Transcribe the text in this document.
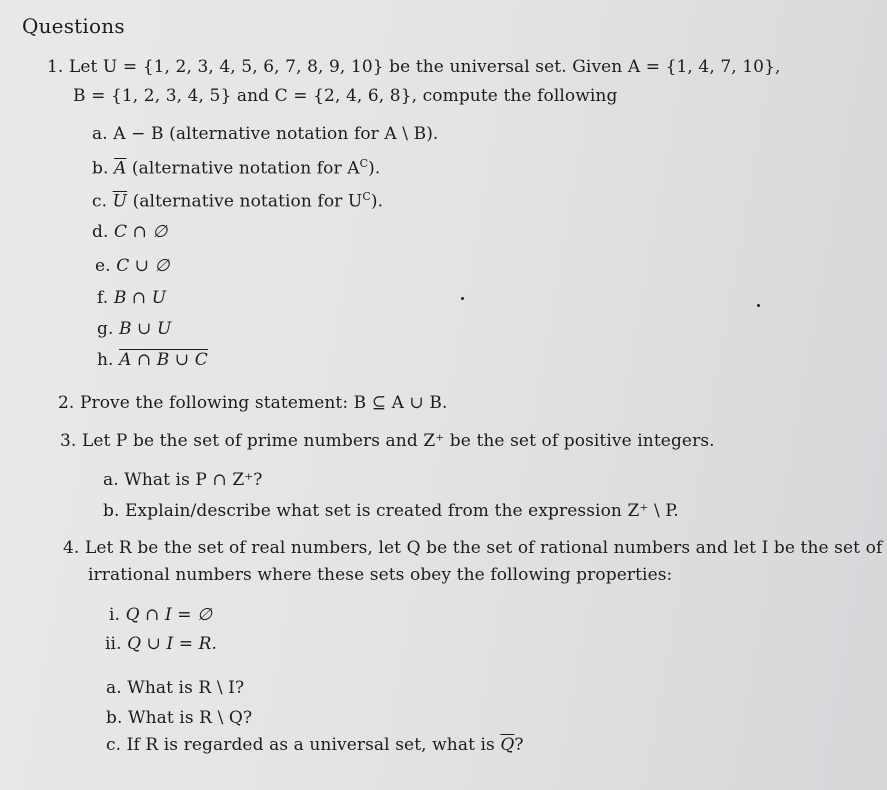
Questions
1. Let U = {1, 2, 3, 4, 5, 6, 7, 8, 9, 10} be the universal set. Given A = {1, 4, 7, 10},
B = {1, 2, 3, 4, 5} and C = {2, 4, 6, 8}, compute the following
a. A − B (alternative notation for A \ B).
b. $\overline{A}$ (alternative notation for $A^C$).
c. $\overline{U}$ (alternative notation for $U^C$).
d. C ∩ ∅
e. C ∪ ∅
f. B ∩ U
g. B ∪ U
h. A ∩ B ∪ C
2. Prove the following statement: B ⊆ A ∪ B.
3. Let P be the set of prime numbers and Z⁺ be the set of positive integers.
a. What is P ∩ Z⁺?
b. Explain/describe what set is created from the expression Z⁺ \ P.
4. Let R be the set of real numbers, let Q be the set of rational numbers and let I be the set of
irrational numbers where these sets obey the following properties:
i. Q ∩ I = ∅
ii. Q ∪ I = R.
a. What is R \ I?
b. What is R \ Q?
c. If R is regarded as a universal set, what is $\overline{Q}$?
